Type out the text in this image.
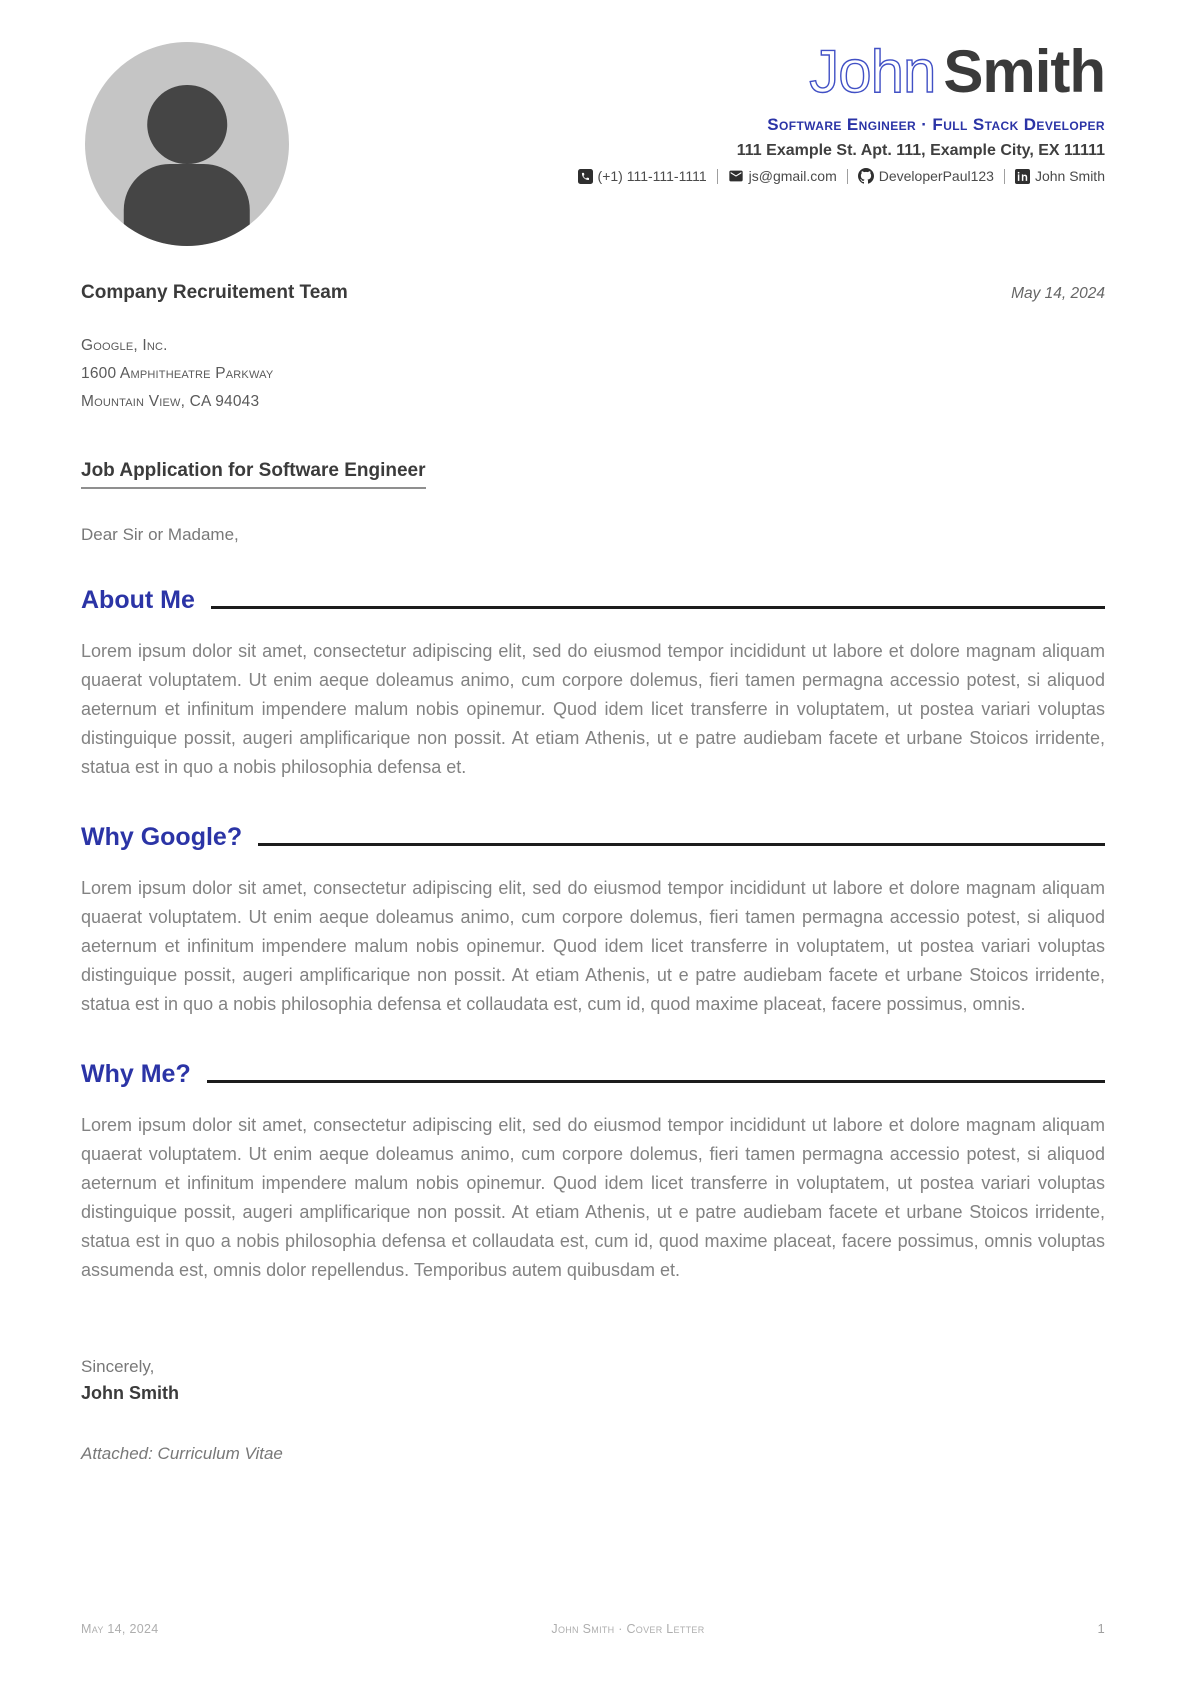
John Smith
Software Engineer · Full Stack Developer
111 Example St. Apt. 111, Example City, EX 11111
(+1) 111-111-1111	js@gmail.com	DeveloperPaul123	John Smith
Company Recruitement Team	May 14, 2024
Google, Inc.
1600 Amphitheatre Parkway
Mountain View, CA 94043
Job Application for Software Engineer

Dear Sir or Madame,

About Me

Lorem ipsum dolor sit amet, consectetur adipiscing elit, sed do eiusmod tempor incididunt ut labore et dolore magnam aliquam quaerat voluptatem. Ut enim aeque doleamus animo, cum corpore dolemus, fieri tamen permagna accessio potest, si aliquod aeternum et infinitum impendere malum nobis opinemur. Quod idem licet transferre in voluptatem, ut postea variari voluptas distinguique possit, augeri amplificarique non possit. At etiam Athenis, ut e patre audiebam facete et urbane Stoicos irridente, statua est in quo a nobis philosophia defensa et.

Why Google?

Lorem ipsum dolor sit amet, consectetur adipiscing elit, sed do eiusmod tempor incididunt ut labore et dolore magnam aliquam quaerat voluptatem. Ut enim aeque doleamus animo, cum corpore dolemus, fieri tamen permagna accessio potest, si aliquod aeternum et infinitum impendere malum nobis opinemur. Quod idem licet transferre in voluptatem, ut postea variari voluptas distinguique possit, augeri amplificarique non possit. At etiam Athenis, ut e patre audiebam facete et urbane Stoicos irridente, statua est in quo a nobis philosophia defensa et collaudata est, cum id, quod maxime placeat, facere possimus, omnis.

Why Me?

Lorem ipsum dolor sit amet, consectetur adipiscing elit, sed do eiusmod tempor incididunt ut labore et dolore magnam aliquam quaerat voluptatem. Ut enim aeque doleamus animo, cum corpore dolemus, fieri tamen permagna accessio potest, si aliquod aeternum et infinitum impendere malum nobis opinemur. Quod idem licet transferre in voluptatem, ut postea variari voluptas distinguique possit, augeri amplificarique non possit. At etiam Athenis, ut e patre audiebam facete et urbane Stoicos irridente, statua est in quo a nobis philosophia defensa et collaudata est, cum id, quod maxime placeat, facere possimus, omnis voluptas assumenda est, omnis dolor repellendus. Temporibus autem quibusdam et.

Sincerely,

John Smith

Attached: Curriculum Vitae

May 14, 2024	John Smith · Cover Letter	1
